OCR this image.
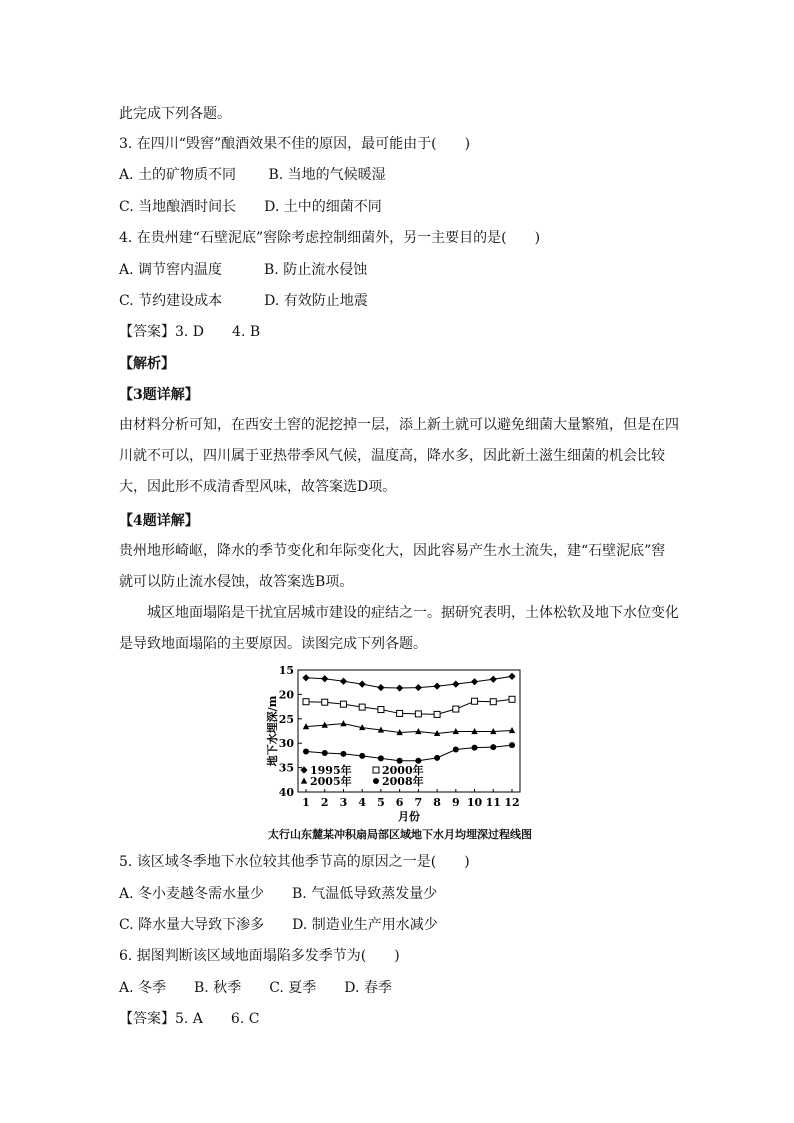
此完成下列各题。
3. 在四川“毁窖”酿酒效果不佳的原因，最可能由于(　　)
A. 土的矿物质不同　　 B. 当地的气候暖湿
C. 当地酿酒时间长　　D. 土中的细菌不同
4. 在贵州建“石壁泥底”窖除考虑控制细菌外，另一主要目的是(　　)
A. 调节窖内温度　　　B. 防止流水侵蚀
C. 节约建设成本　　　D. 有效防止地震
【答案】3. D　　4. B
【解析】
【3题详解】
由材料分析可知，在西安土窖的泥挖掉一层，添上新土就可以避免细菌大量繁殖，但是在四川就不可以，四川属于亚热带季风气候，温度高，降水多，因此新土滋生细菌的机会比较大，因此形不成清香型风味，故答案选D项。
【4题详解】
贵州地形崎岖，降水的季节变化和年际变化大，因此容易产生水土流失，建“石壁泥底”窖就可以防止流水侵蚀，故答案选B项。
城区地面塌陷是干扰宜居城市建设的症结之一。据研究表明，土体松软及地下水位变化是导致地面塌陷的主要原因。读图完成下列各题。
15
20
25
30
35
40
1 2 3 4 5 6 7 8 9 10 11 12
月份
地下水埋深/m
1995年	2000年
2005年	2008年
太行山东麓某冲积扇局部区域地下水月均埋深过程线图
5. 该区域冬季地下水位较其他季节高的原因之一是(　　)
A. 冬小麦越冬需水量少　　B. 气温低导致蒸发量少
C. 降水量大导致下渗多　　D. 制造业生产用水减少
6. 据图判断该区域地面塌陷多发季节为(　　)
A. 冬季　　B. 秋季　　C. 夏季　　D. 春季
【答案】5. A　　6. C
